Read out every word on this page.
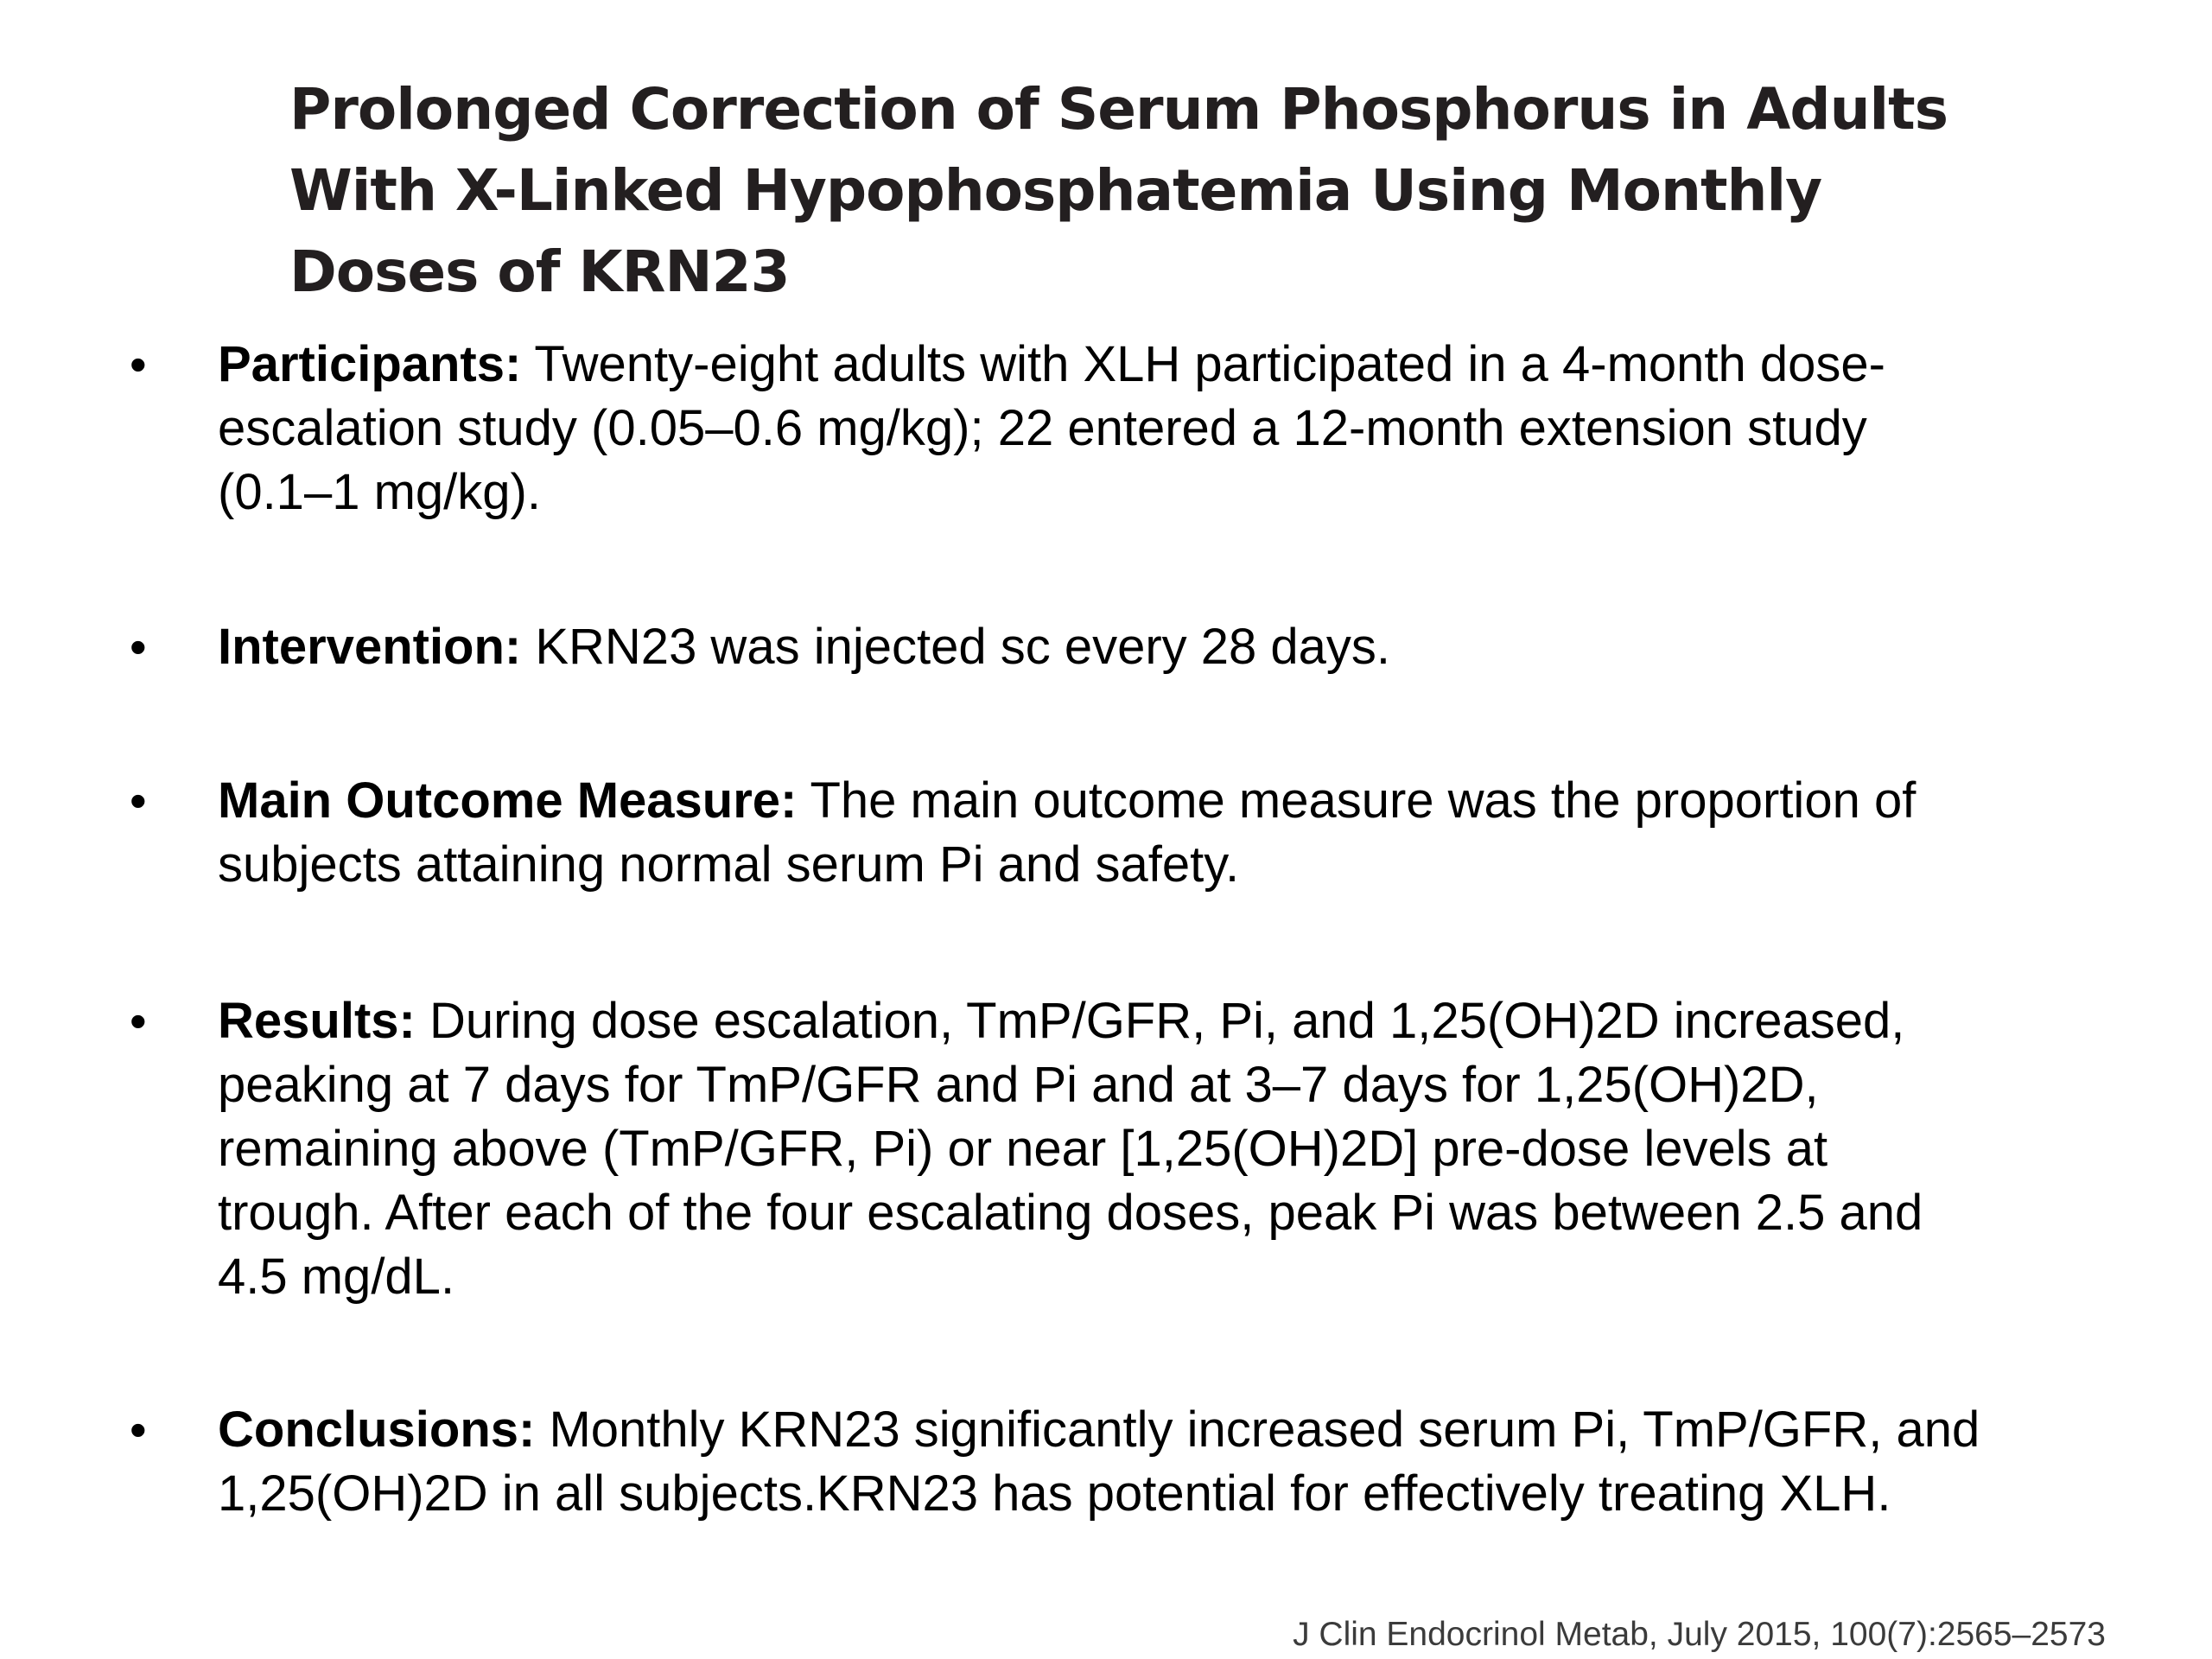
Prolonged Correction of Serum Phosphorus in Adults
With X-Linked Hypophosphatemia Using Monthly
Doses of KRN23
•	Participants: Twenty-eight adults with XLH participated in a 4-month dose-
escalation study (0.05–0.6 mg/kg); 22 entered a 12-month extension study
(0.1–1 mg/kg).
•	Intervention: KRN23 was injected sc every 28 days.
•	Main Outcome Measure: The main outcome measure was the proportion of
subjects attaining normal serum Pi and safety.
•	Results: During dose escalation, TmP/GFR, Pi, and 1,25(OH)2D increased,
peaking at 7 days for TmP/GFR and Pi and at 3–7 days for 1,25(OH)2D,
remaining above (TmP/GFR, Pi) or near [1,25(OH)2D] pre-dose levels at
trough. After each of the four escalating doses, peak Pi was between 2.5 and
4.5 mg/dL.
•	Conclusions: Monthly KRN23 significantly increased serum Pi, TmP/GFR, and
1,25(OH)2D in all subjects.KRN23 has potential for effectively treating XLH.
J Clin Endocrinol Metab, July 2015, 100(7):2565–2573
